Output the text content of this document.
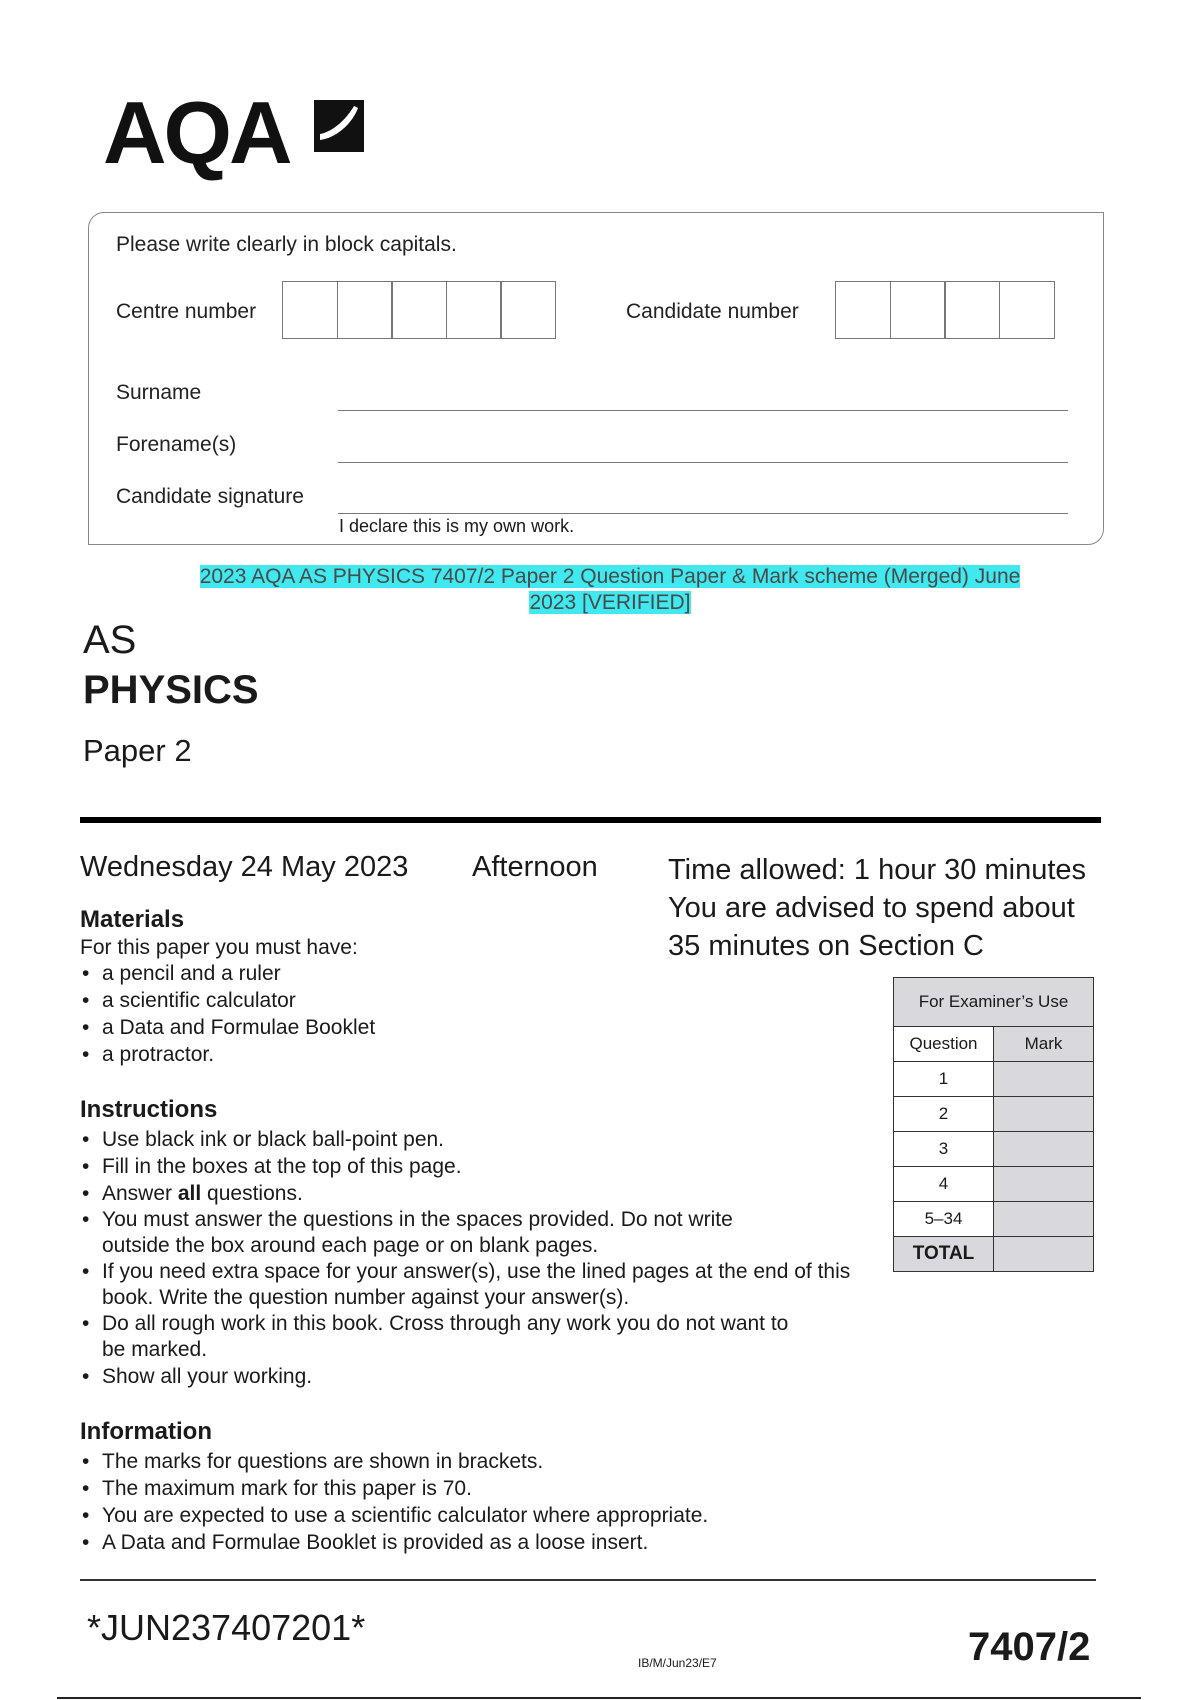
AQA
Please write clearly in block capitals.
Centre number	Candidate number
Surname
Forename(s)
Candidate signature
I declare this is my own work.
2023 AQA AS PHYSICS 7407/2 Paper 2 Question Paper & Mark scheme (Merged) June
2023 [VERIFIED]
AS
PHYSICS
Paper 2
Wednesday 24 May 2023 Afternoon Time allowed: 1 hour 30 minutes
You are advised to spend about
35 minutes on Section C
Materials
For this paper you must have:
• a pencil and a ruler
• a scientific calculator
• a Data and Formulae Booklet
• a protractor.
Instructions
• Use black ink or black ball-point pen.
• Fill in the boxes at the top of this page.
• Answer all questions.
• You must answer the questions in the spaces provided. Do not write outside the box around each page or on blank pages.
• If you need extra space for your answer(s), use the lined pages at the end of this book. Write the question number against your answer(s).
• Do all rough work in this book. Cross through any work you do not want to be marked.
• Show all your working.
Information
• The marks for questions are shown in brackets.
• The maximum mark for this paper is 70.
• You are expected to use a scientific calculator where appropriate.
• A Data and Formulae Booklet is provided as a loose insert.
For Examiner’s Use	
Question	Mark
1	
2	
3	
4	
5–34	
TOTAL	
*JUN237407201*
IB/M/Jun23/E7	7407/2
